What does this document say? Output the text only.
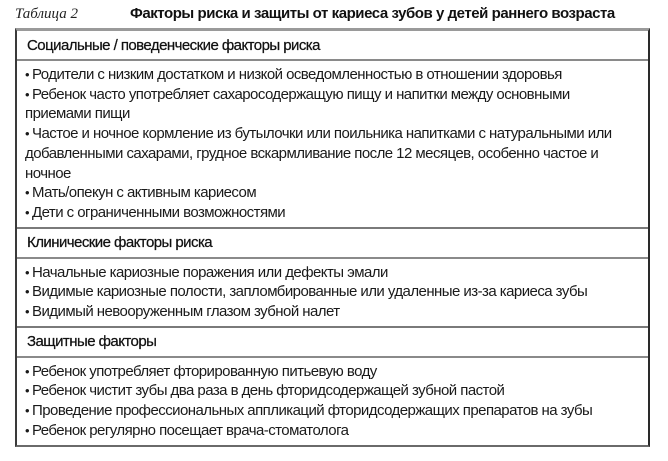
Таблица 2	Факторы риска и защиты от кариеса зубов у детей раннего возраста
Социальные / поведенческие факторы риска
• Родители с низким достатком и низкой осведомленностью в отношении здоровья
• Ребенок часто употребляет сахаросодержащую пищу и напитки между основными приемами пищи
• Частое и ночное кормление из бутылочки или поильника напитками с натуральными или добавленными сахарами, грудное вскармливание после 12 месяцев, особенно частое и ночное
• Мать/опекун с активным кариесом
• Дети с ограниченными возможностями
Клинические факторы риска
• Начальные кариозные поражения или дефекты эмали
• Видимые кариозные полости, запломбированные или удаленные из-за кариеса зубы
• Видимый невооруженным глазом зубной налет
Защитные факторы
• Ребенок употребляет фторированную питьевую воду
• Ребенок чистит зубы два раза в день фторидсодержащей зубной пастой
• Проведение профессиональных аппликаций фторидсодержащих препаратов на зубы
• Ребенок регулярно посещает врача-стоматолога
